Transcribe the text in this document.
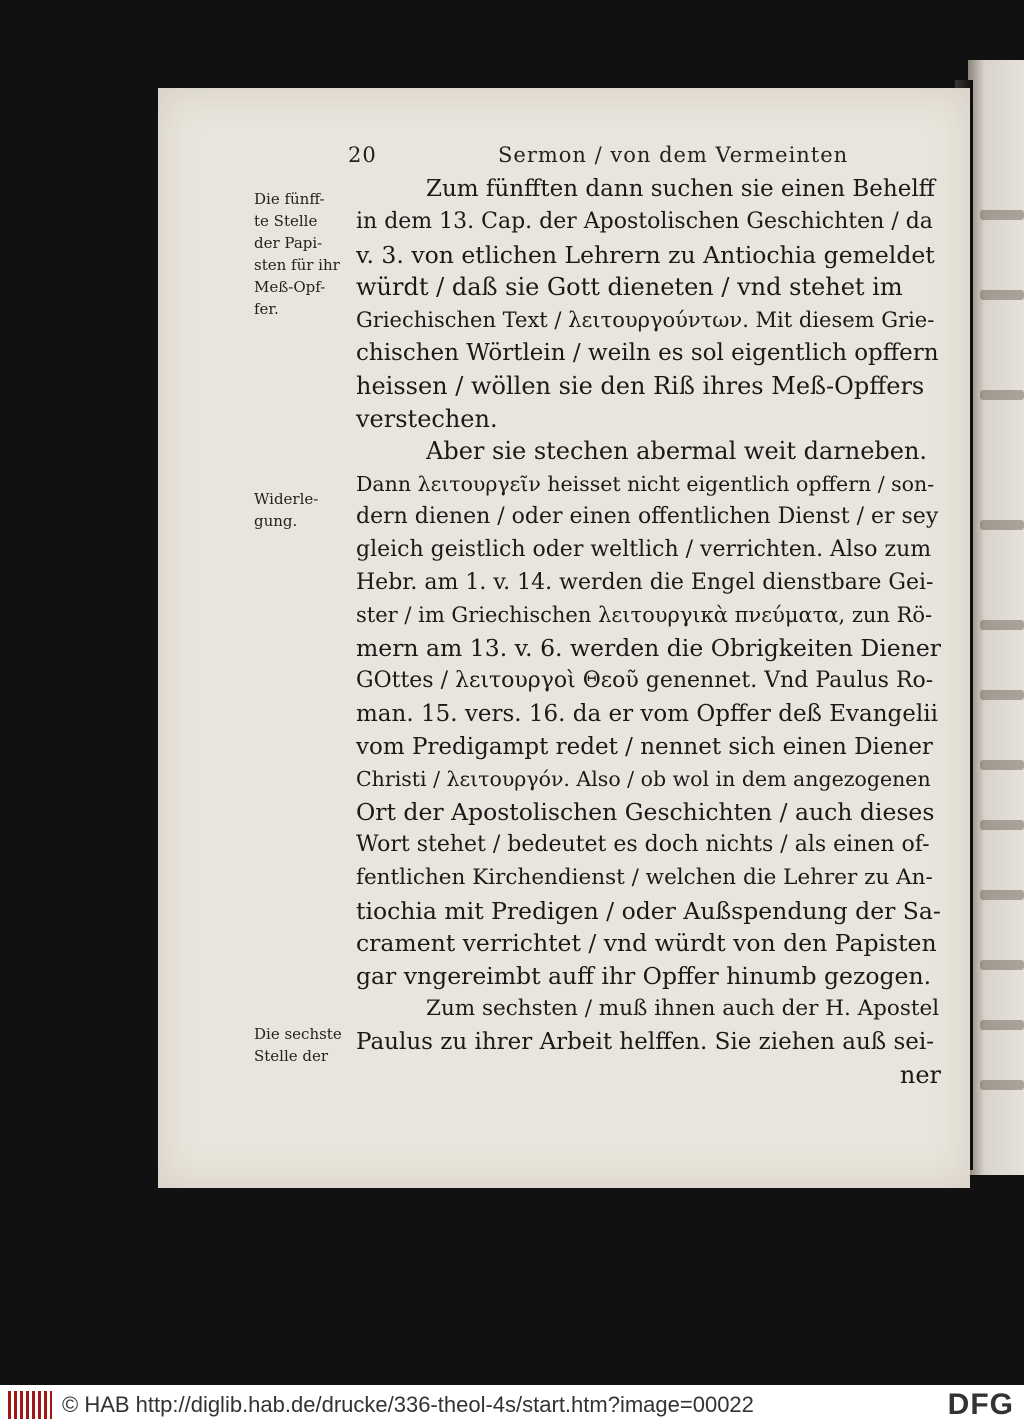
20	Sermon / von dem Vermeinten
Die fünff-
te Stelle
der Papi-
sten für ihr
Meß-Opf-
fer.
Widerle-
gung.
Die sechste
Stelle der
Zum fünfften dann suchen sie einen Behelff
in dem 13. Cap. der Apostolischen Geschichten / da
v. 3. von etlichen Lehrern zu Antiochia gemeldet
würdt / daß sie Gott dieneten / vnd stehet im
Griechischen Text / λειτουργούντων. Mit diesem Grie-
chischen Wörtlein / weiln es sol eigentlich opffern
heissen / wöllen sie den Riß ihres Meß-Opffers
verstechen.
Aber sie stechen abermal weit darneben.
Dann λειτουργεῖν heisset nicht eigentlich opffern / son-
dern dienen / oder einen offentlichen Dienst / er sey
gleich geistlich oder weltlich / verrichten. Also zum
Hebr. am 1. v. 14. werden die Engel dienstbare Gei-
ster / im Griechischen λειτουργικὰ πνεύματα, zun Rö-
mern am 13. v. 6. werden die Obrigkeiten Diener
GOttes / λειτουργοὶ Θεοῦ genennet. Vnd Paulus Ro-
man. 15. vers. 16. da er vom Opffer deß Evangelii
vom Predigampt redet / nennet sich einen Diener
Christi / λειτουργόν. Also / ob wol in dem angezogenen
Ort der Apostolischen Geschichten / auch dieses
Wort stehet / bedeutet es doch nichts / als einen of-
fentlichen Kirchendienst / welchen die Lehrer zu An-
tiochia mit Predigen / oder Außspendung der Sa-
crament verrichtet / vnd würdt von den Papisten
gar vngereimbt auff ihr Opffer hinumb gezogen.
Zum sechsten / muß ihnen auch der H. Apostel
Paulus zu ihrer Arbeit helffen. Sie ziehen auß sei-
ner
© HAB http://diglib.hab.de/drucke/336-theol-4s/start.htm?image=00022	DFG
